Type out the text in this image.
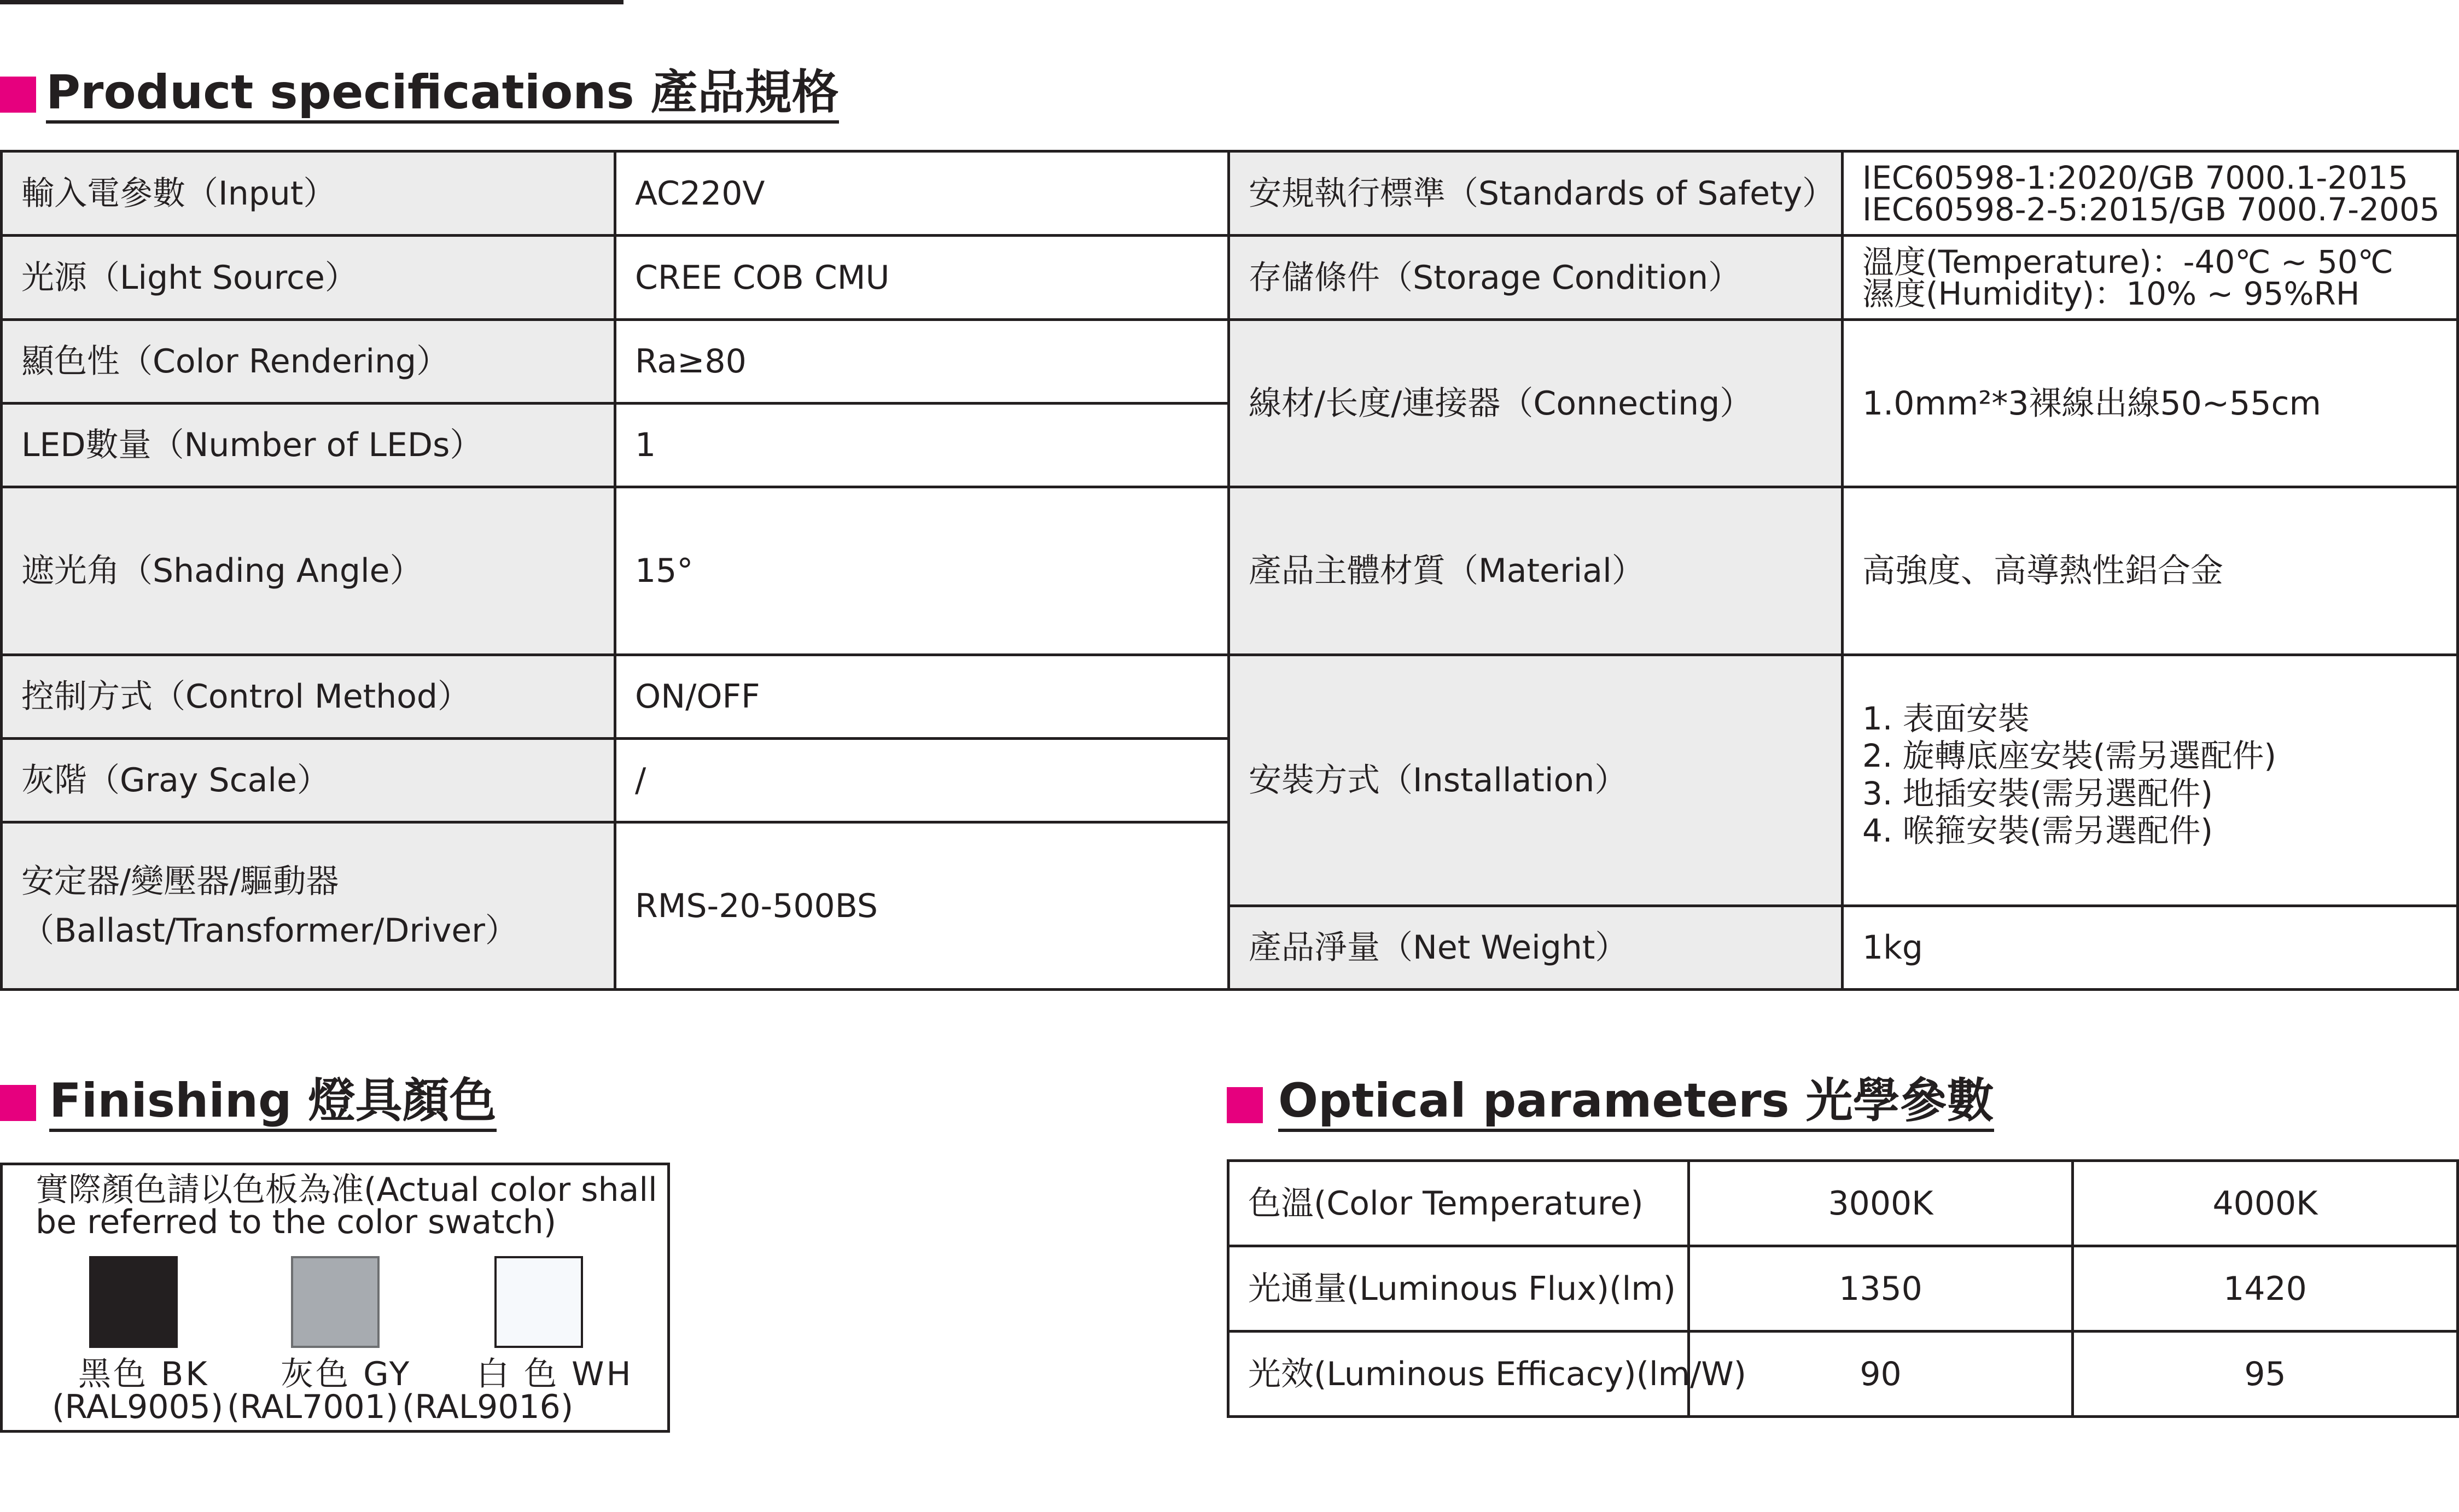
Product specifications 產品規格
輸入電參數（Input）	AC220V	安規執行標準（Standards of Safety）	IEC60598-1:2020/GB 7000.1-2015
IEC60598-2-5:2015/GB 7000.7-2005

光源（Light Source）	CREE COB CMU	存儲條件（Storage Condition）	溫度(Temperature)：-40℃ ~ 50℃
濕度(Humidity)：10% ~ 95%RH

顯色性（Color Rendering）	Ra≥80	線材/长度/連接器（Connecting）	1.0mm²*3裸線出線50~55cm
LED數量（Number of LEDs）	1		
遮光角（Shading Angle）	15°	產品主體材質（Material）	高強度、高導熱性鋁合金
控制方式（Control Method）	ON/OFF	安裝方式（Installation）	1. 表面安裝
2. 旋轉底座安裝(需另選配件)
3. 地插安裝(需另選配件)
4. 喉箍安裝(需另選配件)

灰階（Gray Scale）	/		

安定器/變壓器/驅動器
（Ballast/Transformer/Driver）	RMS-20-500BS		
		產品淨量（Net Weight）	1kg
Finishing 燈具顏色
實際顏色請以色板為准(Actual color shall
be referred to the color swatch)
黑色 BK 灰色 GY 白 色 WH
(RAL9005) (RAL7001) (RAL9016)
Optical parameters 光學參數
色溫(Color Temperature)	3000K	4000K
光通量(Luminous Flux)(lm)	1350	1420
光效(Luminous Efficacy)(lm/W)	90	95
